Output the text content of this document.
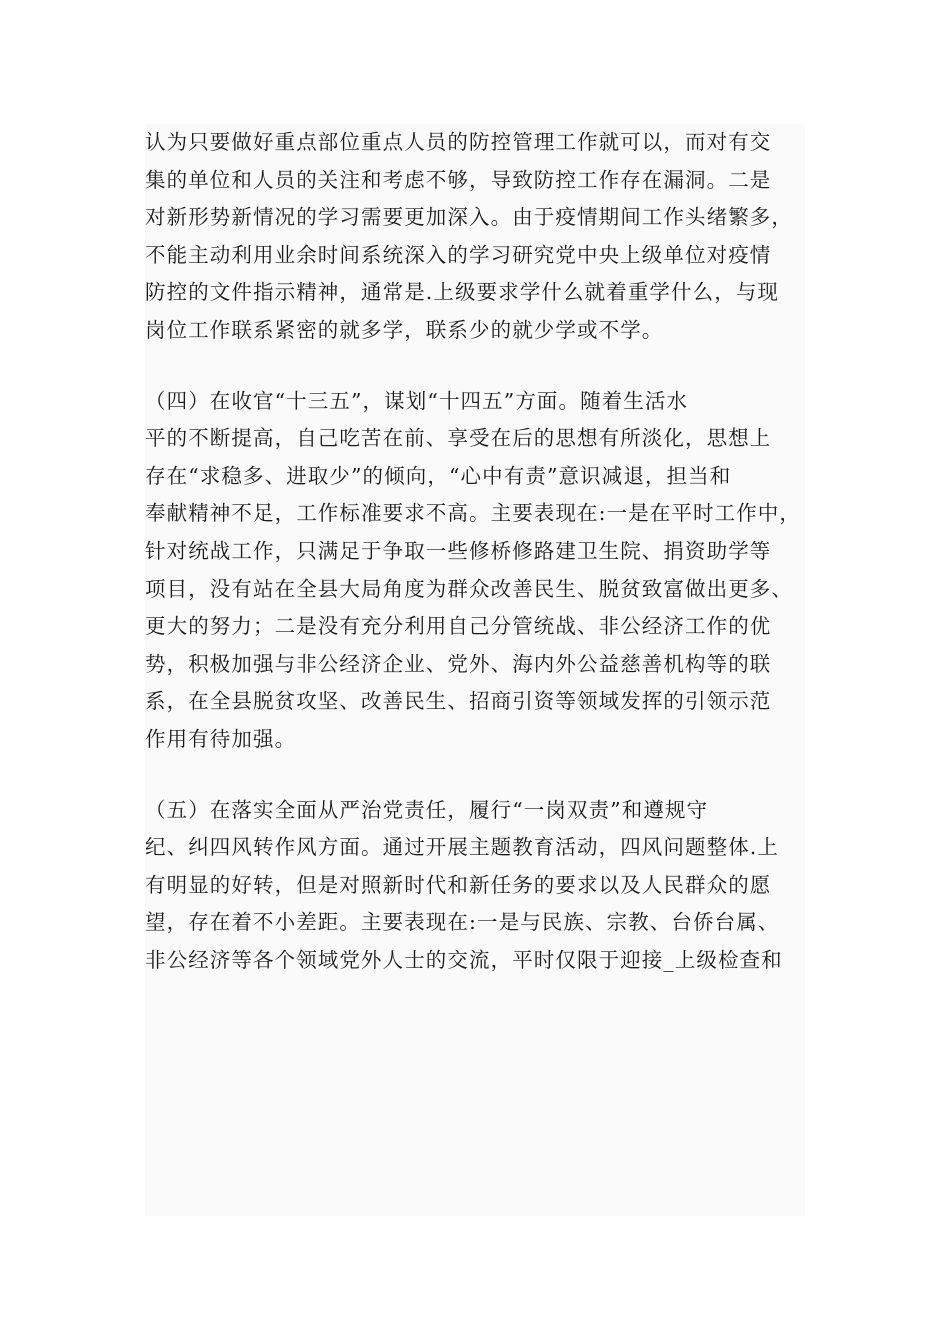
认为只要做好重点部位重点人员的防控管理工作就可以，而对有交
集的单位和人员的关注和考虑不够，导致防控工作存在漏洞。二是
对新形势新情况的学习需要更加深入。由于疫情期间工作头绪繁多，
不能主动利用业余时间系统深入的学习研究党中央上级单位对疫情
防控的文件指示精神，通常是.上级要求学什么就着重学什么，与现
岗位工作联系紧密的就多学，联系少的就少学或不学。
（四）在收官“十三五”，谋划“十四五”方面。随着生活水
平的不断提高，自己吃苦在前、享受在后的思想有所淡化，思想上
存在“求稳多、进取少”的倾向，“心中有责”意识减退，担当和
奉献精神不足，工作标准要求不高。主要表现在:一是在平时工作中，
针对统战工作，只满足于争取一些修桥修路建卫生院、捐资助学等
项目，没有站在全县大局角度为群众改善民生、脱贫致富做出更多、
更大的努力；二是没有充分利用自己分管统战、非公经济工作的优
势，积极加强与非公经济企业、党外、海内外公益慈善机构等的联
系，在全县脱贫攻坚、改善民生、招商引资等领域发挥的引领示范
作用有待加强。
（五）在落实全面从严治党责任，履行“一岗双责”和遵规守
纪、纠四风转作风方面。通过开展主题教育活动，四风问题整体.上
有明显的好转，但是对照新时代和新任务的要求以及人民群众的愿
望，存在着不小差距。主要表现在:一是与民族、宗教、台侨台属、
非公经济等各个领域党外人士的交流，平时仅限于迎接_上级检查和
